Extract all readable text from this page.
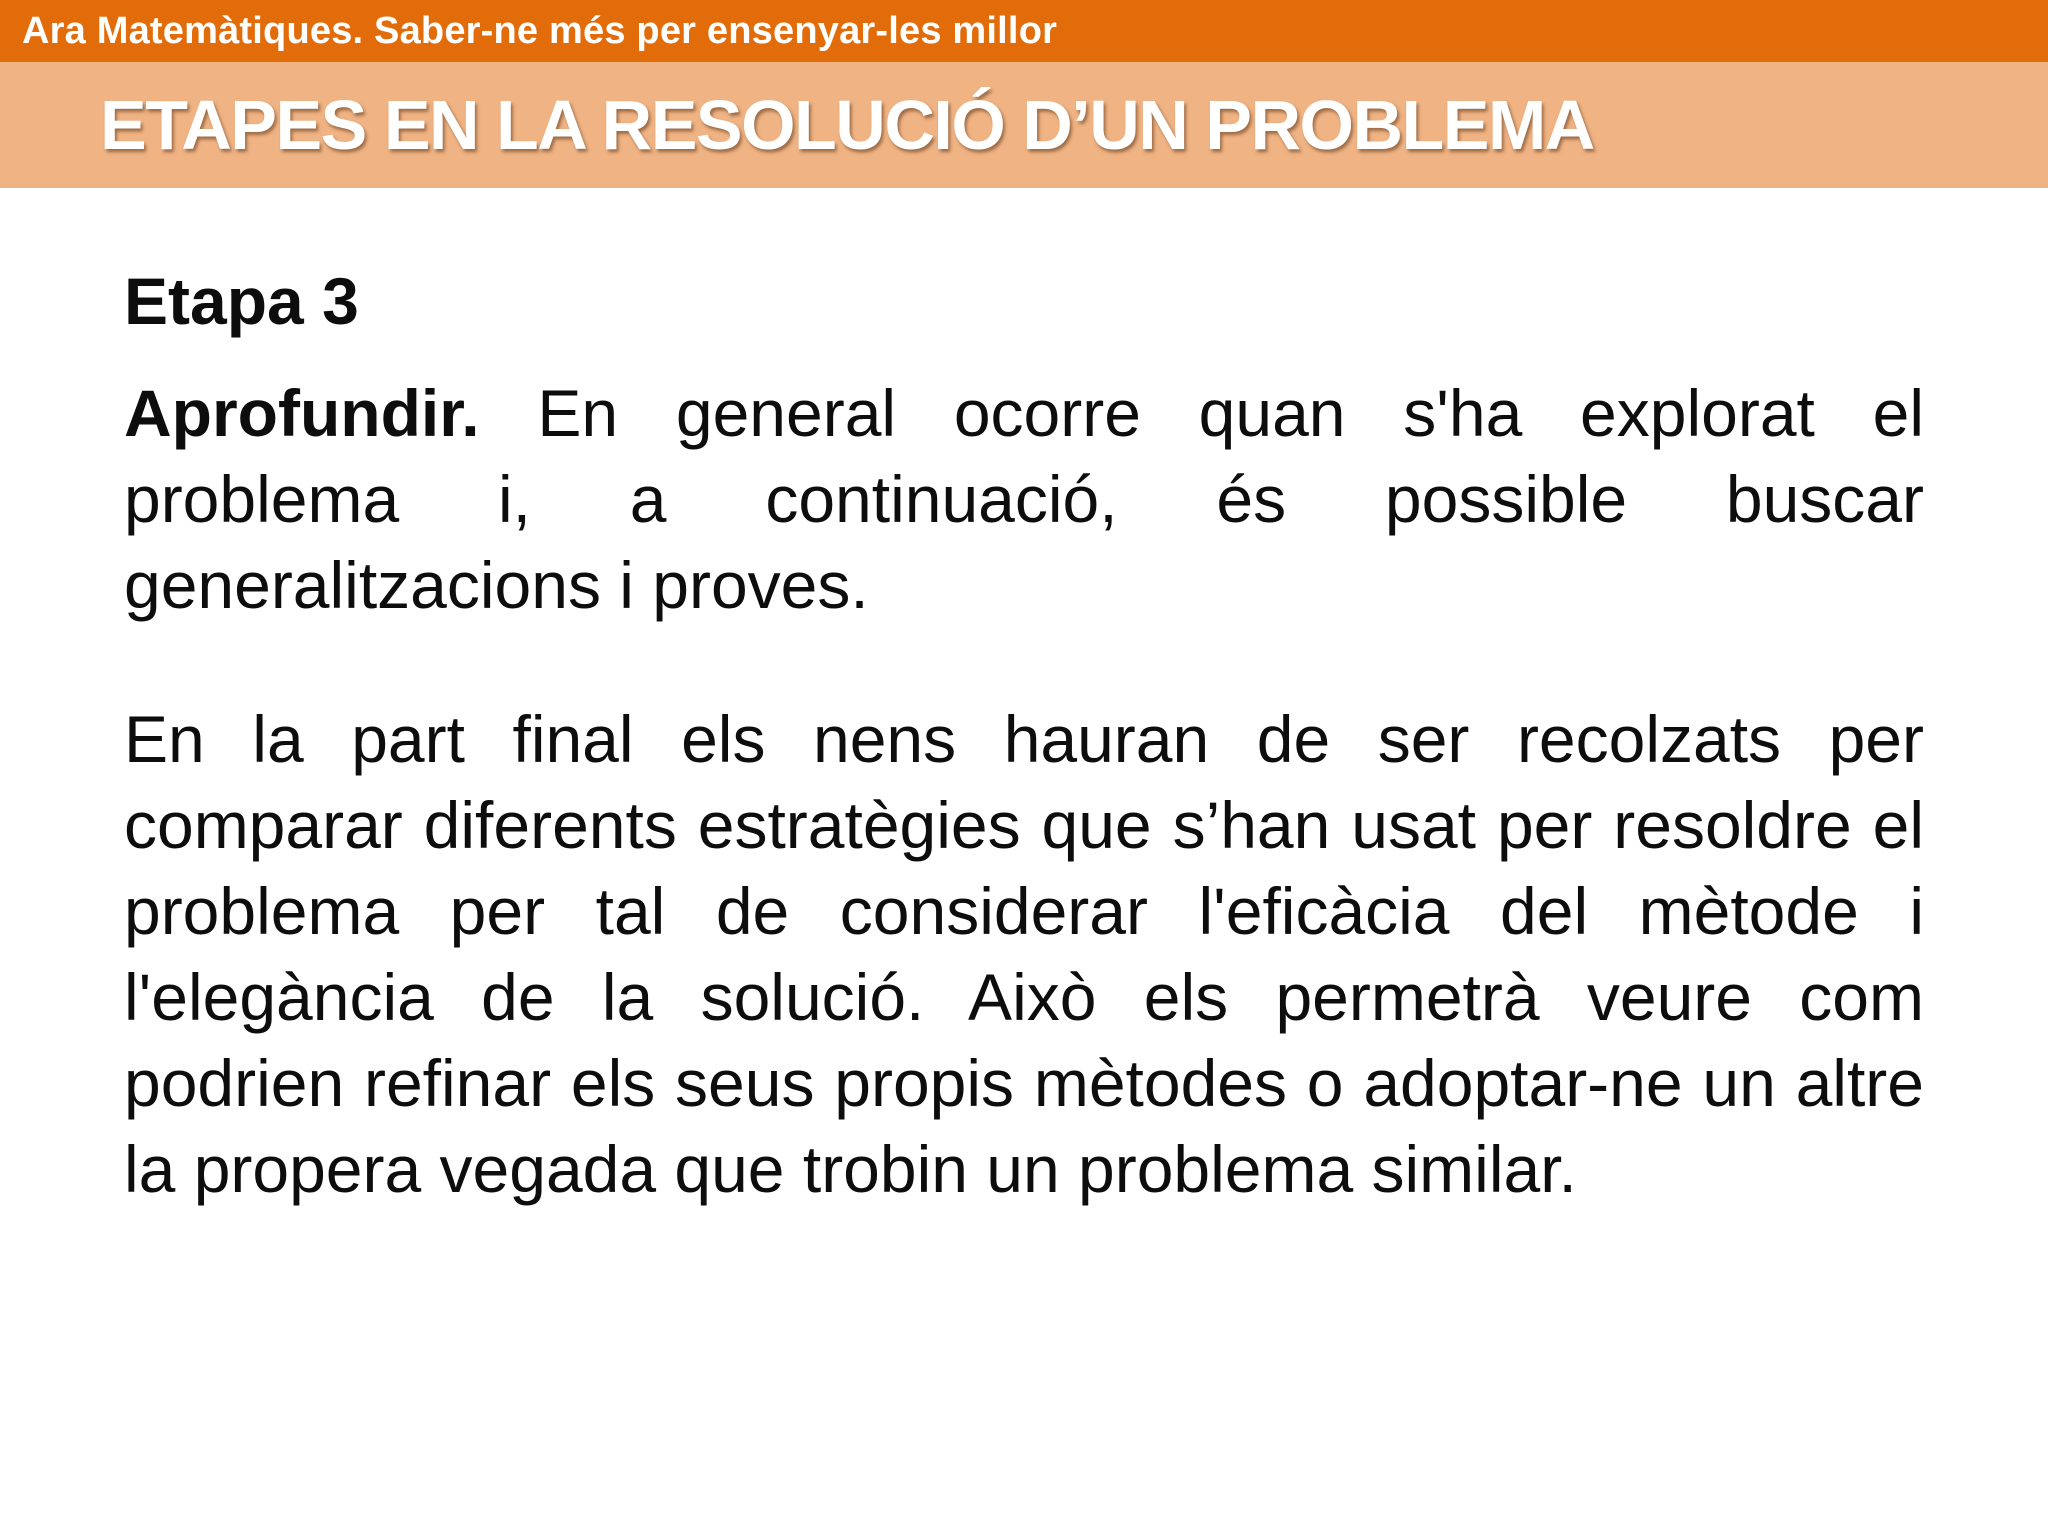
Ara Matemàtiques. Saber-ne més per ensenyar-les millor
ETAPES EN LA RESOLUCIÓ D’UN PROBLEMA

Etapa 3

Aprofundir. En general ocorre quan s'ha explorat el problema i, a continuació, és possible buscar generalitzacions i proves.

En la part final els nens hauran de ser recolzats per comparar diferents estratègies que s’han usat per resoldre el problema per tal de considerar l'eficàcia del mètode i l'elegància de la solució. Això els permetrà veure com podrien refinar els seus propis mètodes o adoptar-ne un altre la propera vegada que trobin un problema similar.
